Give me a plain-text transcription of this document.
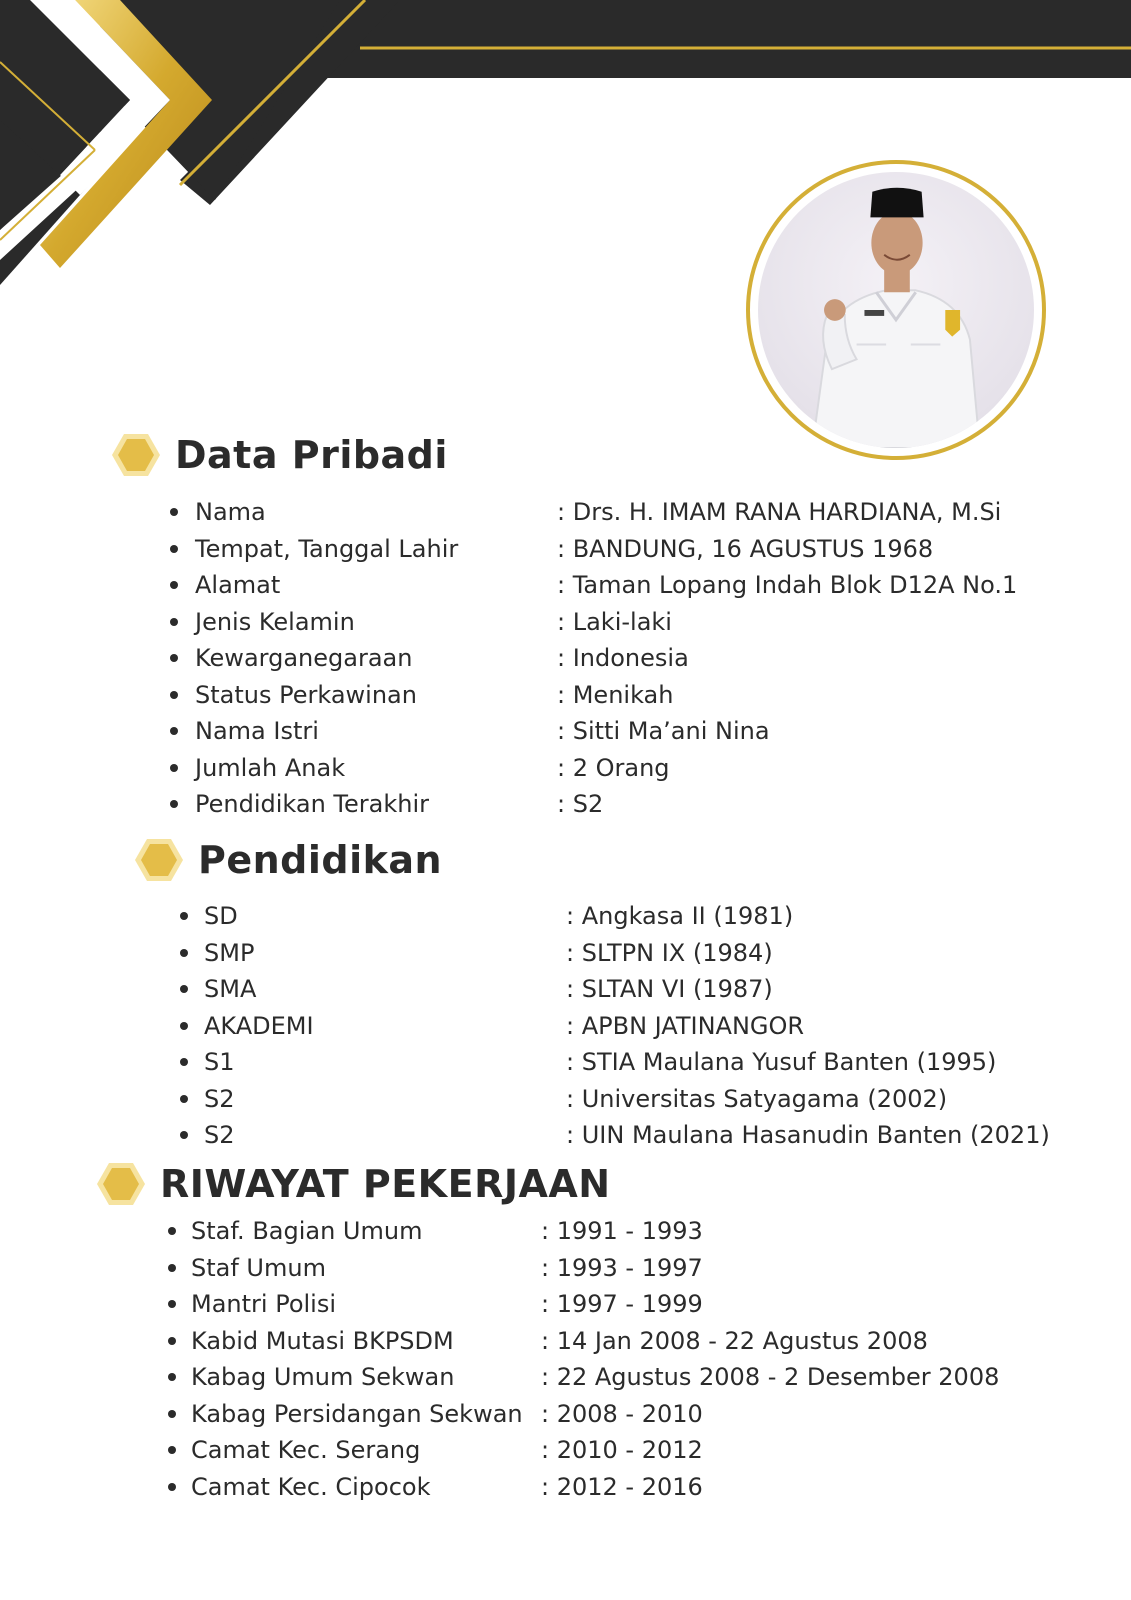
Data Pribadi
Nama	: Drs. H. IMAM RANA HARDIANA, M.Si
Tempat, Tanggal Lahir	: BANDUNG, 16 AGUSTUS 1968
Alamat	: Taman Lopang Indah Blok D12A No.1
Jenis Kelamin	: Laki-laki
Kewarganegaraan	: Indonesia
Status Perkawinan	: Menikah
Nama Istri	: Sitti Ma’ani Nina
Jumlah Anak	: 2 Orang
Pendidikan Terakhir	: S2
Pendidikan
SD	: Angkasa II (1981)
SMP	: SLTPN IX (1984)
SMA	: SLTAN VI (1987)
AKADEMI	: APBN JATINANGOR
S1	: STIA Maulana Yusuf Banten (1995)
S2	: Universitas Satyagama (2002)
S2	: UIN Maulana Hasanudin Banten (2021)
RIWAYAT PEKERJAAN
Staf. Bagian Umum	: 1991 - 1993
Staf Umum	: 1993 - 1997
Mantri Polisi	: 1997 - 1999
Kabid Mutasi BKPSDM	: 14 Jan 2008 - 22 Agustus 2008
Kabag Umum Sekwan	: 22 Agustus 2008 - 2 Desember 2008
Kabag Persidangan Sekwan : 2008 - 2010
Camat Kec. Serang	: 2010 - 2012
Camat Kec. Cipocok	: 2012 - 2016
